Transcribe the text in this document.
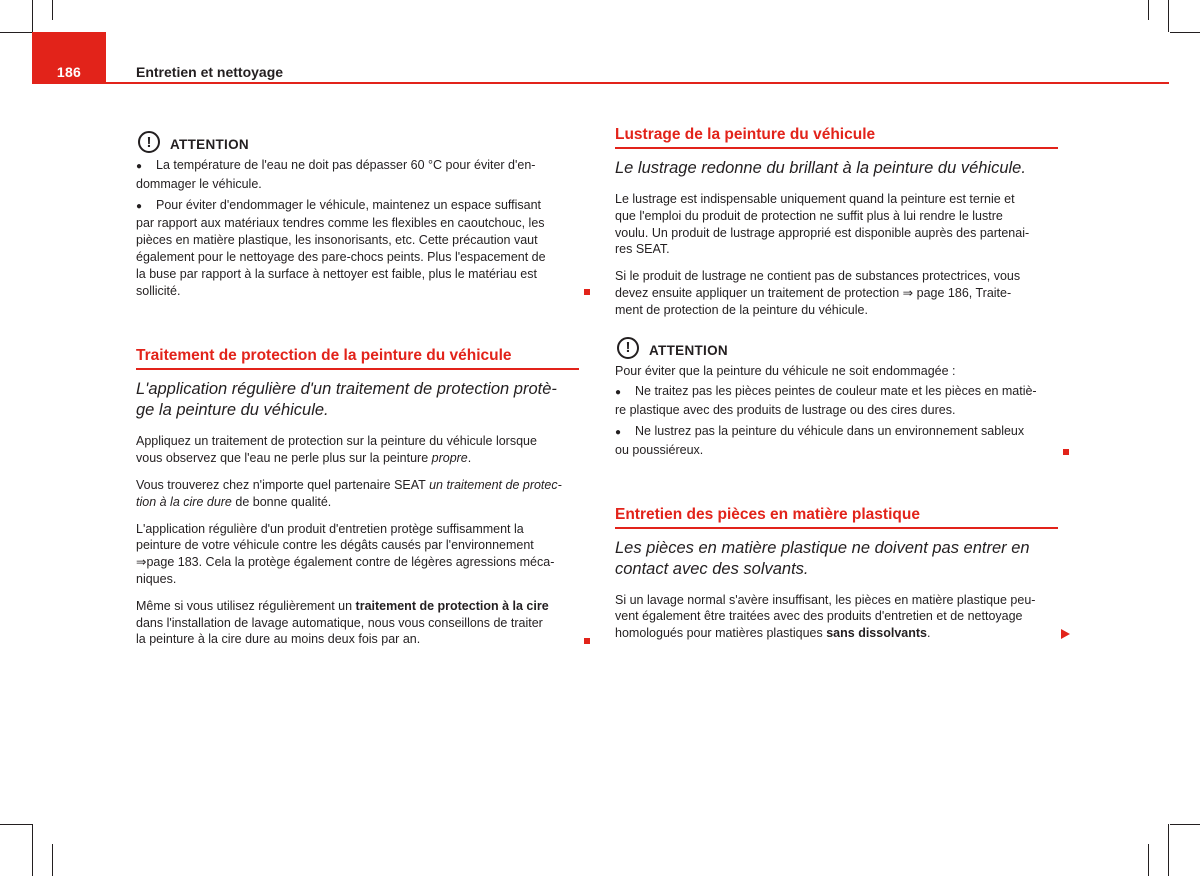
186	Entretien et nettoyage
!	ATTENTION

● La température de l'eau ne doit pas dépasser 60 °C pour éviter d'en-

dommager le véhicule.

● Pour éviter d'endommager le véhicule, maintenez un espace suffisant

par rapport aux matériaux tendres comme les flexibles en caoutchouc, les

pièces en matière plastique, les insonorisants, etc. Cette précaution vaut

également pour le nettoyage des pare-chocs peints. Plus l'espacement de

la buse par rapport à la surface à nettoyer est faible, plus le matériau est

sollicité.

Traitement de protection de la peinture du véhicule
L'application régulière d'un traitement de protection protè-
ge la peinture du véhicule.

Appliquez un traitement de protection sur la peinture du véhicule lorsque

vous observez que l'eau ne perle plus sur la peinture propre.

Vous trouverez chez n'importe quel partenaire SEAT un traitement de protec-

tion à la cire dure de bonne qualité.

L'application régulière d'un produit d'entretien protège suffisamment la

peinture de votre véhicule contre les dégâts causés par l'environnement

⇒page 183. Cela la protège également contre de légères agressions méca-

niques.

Même si vous utilisez régulièrement un traitement de protection à la cire

dans l'installation de lavage automatique, nous vous conseillons de traiter

la peinture à la cire dure au moins deux fois par an.

Lustrage de la peinture du véhicule
Le lustrage redonne du brillant à la peinture du véhicule.

Le lustrage est indispensable uniquement quand la peinture est ternie et

que l'emploi du produit de protection ne suffit plus à lui rendre le lustre

voulu. Un produit de lustrage approprié est disponible auprès des partenai-

res SEAT.

Si le produit de lustrage ne contient pas de substances protectrices, vous

devez ensuite appliquer un traitement de protection ⇒ page 186, Traite-

ment de protection de la peinture du véhicule.

!	ATTENTION

Pour éviter que la peinture du véhicule ne soit endommagée :

● Ne traitez pas les pièces peintes de couleur mate et les pièces en matiè-

re plastique avec des produits de lustrage ou des cires dures.

● Ne lustrez pas la peinture du véhicule dans un environnement sableux

ou poussiéreux.

Entretien des pièces en matière plastique
Les pièces en matière plastique ne doivent pas entrer en
contact avec des solvants.

Si un lavage normal s'avère insuffisant, les pièces en matière plastique peu-

vent également être traitées avec des produits d'entretien et de nettoyage

homologués pour matières plastiques sans dissolvants.
